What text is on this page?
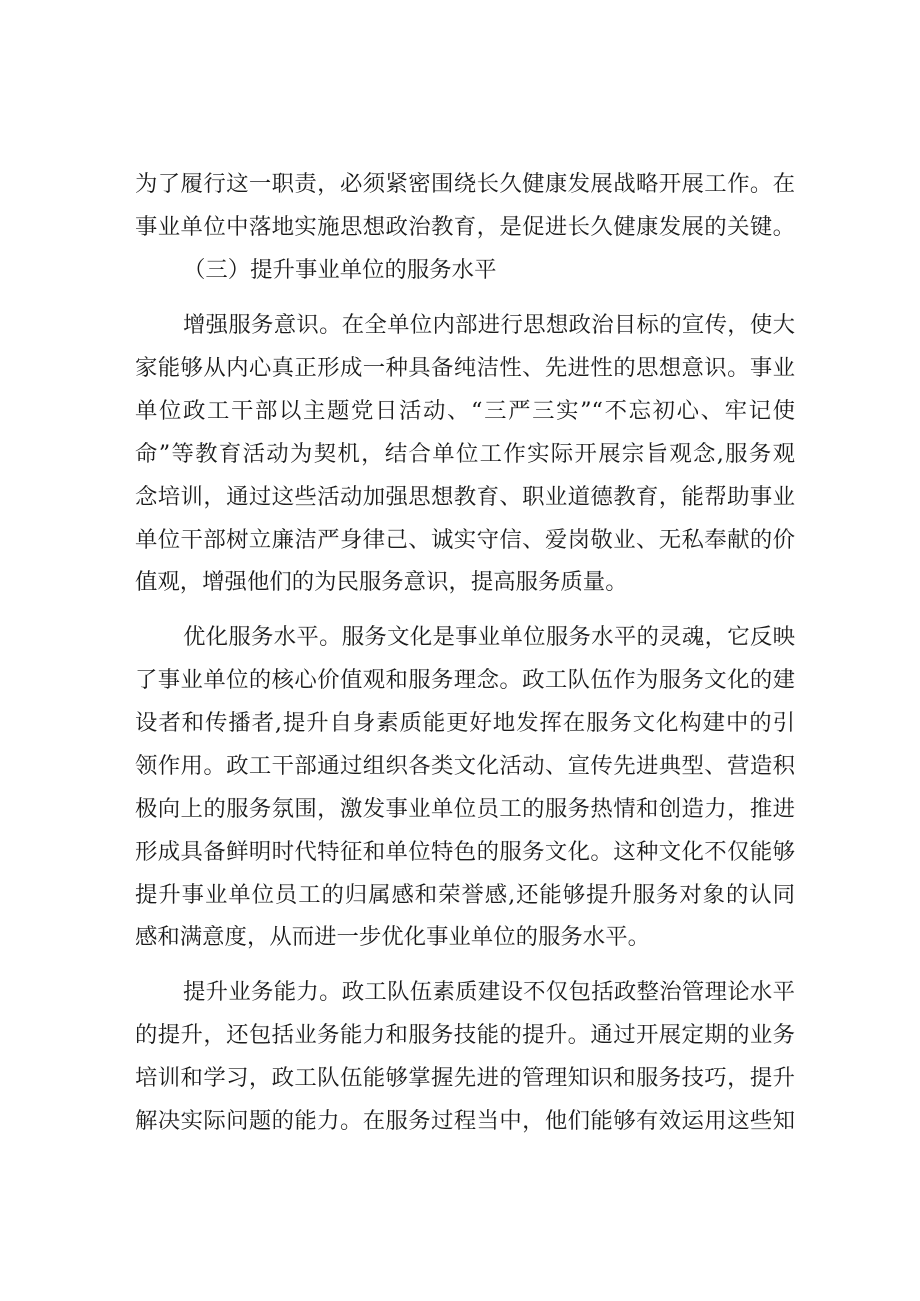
为了履行这一职责，必须紧密围绕长久健康发展战略开展工作。在
事业单位中落地实施思想政治教育，是促进长久健康发展的关键。
（三）提升事业单位的服务水平
增强服务意识。在全单位内部进行思想政治目标的宣传，使大
家能够从内心真正形成一种具备纯洁性、先进性的思想意识。事业
单位政工干部以主题党日活动、“三严三实”“不忘初心、牢记使
命”等教育活动为契机，结合单位工作实际开展宗旨观念,服务观
念培训，通过这些活动加强思想教育、职业道德教育，能帮助事业
单位干部树立廉洁严身律己、诚实守信、爱岗敬业、无私奉献的价
值观，增强他们的为民服务意识，提高服务质量。
优化服务水平。服务文化是事业单位服务水平的灵魂，它反映
了事业单位的核心价值观和服务理念。政工队伍作为服务文化的建
设者和传播者,提升自身素质能更好地发挥在服务文化构建中的引
领作用。政工干部通过组织各类文化活动、宣传先进典型、营造积
极向上的服务氛围，激发事业单位员工的服务热情和创造力，推进
形成具备鲜明时代特征和单位特色的服务文化。这种文化不仅能够
提升事业单位员工的归属感和荣誉感,还能够提升服务对象的认同
感和满意度，从而进一步优化事业单位的服务水平。
提升业务能力。政工队伍素质建设不仅包括政整治管理论水平
的提升，还包括业务能力和服务技能的提升。通过开展定期的业务
培训和学习，政工队伍能够掌握先进的管理知识和服务技巧，提升
解决实际问题的能力。在服务过程当中，他们能够有效运用这些知
